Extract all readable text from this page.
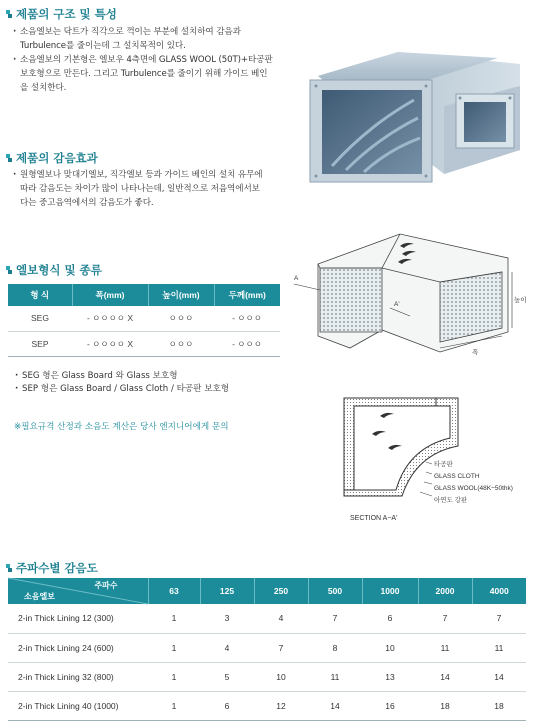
제품의 구조 및 특성
· 소음엘보는 닥트가 직각으로 꺽이는 부분에 설치하여 감음과
Turbulence를 줄이는데 그 설치목적이 있다.
· 소음엘보의 기본형은 엘보우 4측면에 GLASS WOOL (50T)+타공판
보호형으로 만든다. 그리고 Turbulence를 줄이기 위해 가이드 베인
을 설치한다.
제품의 감음효과
· 원형엘보나 맞대기엘보, 직각엘보 등과 가이드 베인의 설치 유무에
따라 감음도는 차이가 많이 나타나는데, 일반적으로 저음역에서보
다는 중고음역에서의 감음도가 좋다.
엘보형식 및 종류
형 식	폭(mm)	높이(mm)	두께(mm)
SEG	- ㅇㅇㅇㅇ X	ㅇㅇㅇ	- ㅇㅇㅇ
SEP	- ㅇㅇㅇㅇ X	ㅇㅇㅇ	- ㅇㅇㅇ
· SEG 형은 Glass Board 와 Glass 보호형
· SEP 형은 Glass Board / Glass Cloth / 타공판 보호형
※필요규격 산정과 소음도 계산은 당사 엔지니어에게 문의
A
A'
높이
폭
타공판
GLASS CLOTH
GLASS WOOL(48K−50thk)
아연도 강판
SECTION A−A'
주파수별 감음도
주파수
소음엘보	63	125	250	500	1000	2000	4000
2-in Thick Lining 12 (300)	1	3	4	7	6	7	7
2-in Thick Lining 24 (600)	1	4	7	8	10	11	11
2-in Thick Lining 32 (800)	1	5	10	11	13	14	14
2-in Thick Lining 40 (1000)	1	6	12	14	16	18	18
